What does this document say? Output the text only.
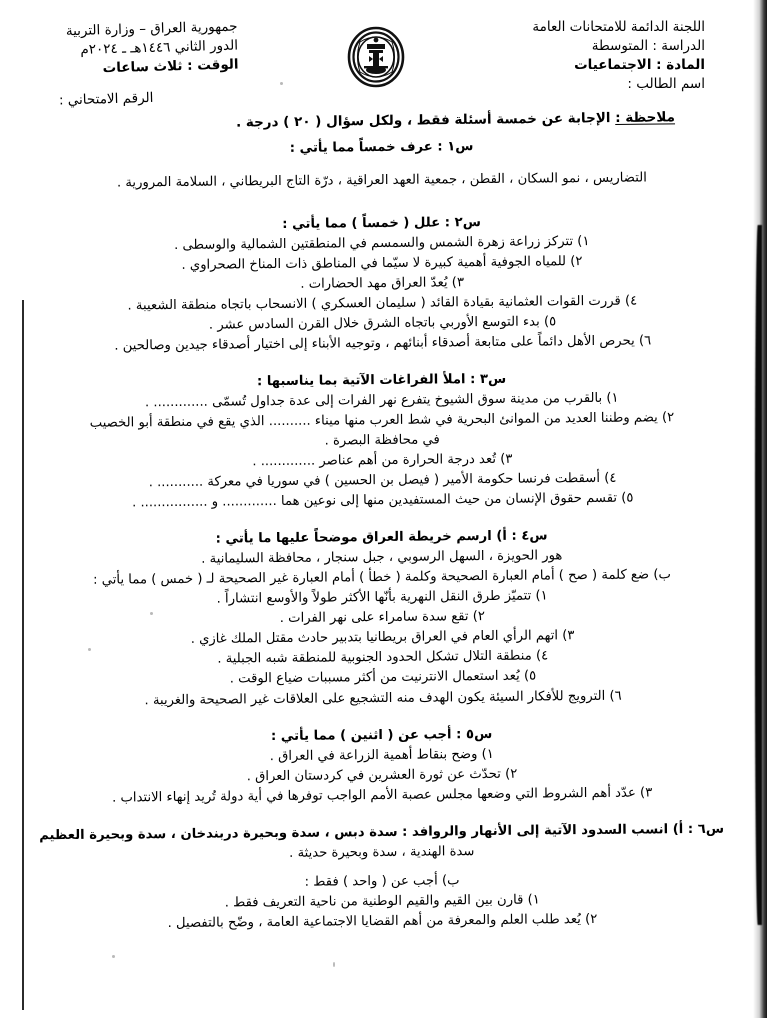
اللجنة الدائمة للامتحانات العامة
الدراسة : المتوسطة
المادة : الاجتماعيات
اسم الطالب :
جمهورية العراق – وزارة التربية
الدور الثاني ١٤٤٦هـ ـ ٢٠٢٤م
الوقت : ثلاث ساعات
الرقم الامتحاني :
ملاحظة : الإجابة عن خمسة أسئلة فقط ، ولكل سؤال ( ٢٠ ) درجة .

س١ : عرف خمساً مما يأتي :

التضاريس ، نمو السكان ، القطن ، جمعية العهد العراقية ، درّة التاج البريطاني ، السلامة المرورية .

س٢ : علل ( خمساً ) مما يأتي :

١) تتركز زراعة زهرة الشمس والسمسم في المنطقتين الشمالية والوسطى .
٢) للمياه الجوفية أهمية كبيرة لا سيّما في المناطق ذات المناخ الصحراوي .
٣) يُعدّ العراق مهد الحضارات .
٤) قررت القوات العثمانية بقيادة القائد ( سليمان العسكري ) الانسحاب باتجاه منطقة الشعيبة .
٥) بدء التوسع الأوربي باتجاه الشرق خلال القرن السادس عشر .
٦) يحرص الأهل دائماً على متابعة أصدقاء أبنائهم ، وتوجيه الأبناء إلى اختيار أصدقاء جيدين وصالحين .

س٣ : املأ الفراغات الآتية بما يناسبها :

١) بالقرب من مدينة سوق الشيوخ يتفرع نهر الفرات إلى عدة جداول تُسمّى ............. .
٢) يضم وطننا العديد من الموانئ البحرية في شط العرب منها ميناء .......... الذي يقع في منطقة أبو الخصيب
في محافظة البصرة .
٣) تُعد درجة الحرارة من أهم عناصر ............. .
٤) أسقطت فرنسا حكومة الأمير ( فيصل بن الحسين ) في سوريا في معركة ........... .
٥) تقسم حقوق الإنسان من حيث المستفيدين منها إلى نوعين هما ............. و ................ .

س٤ : أ) ارسم خريطة العراق موضحاً عليها ما يأتي :

هور الحويزة ، السهل الرسوبي ، جبل سنجار ، محافظة السليمانية .

ب) ضع كلمة ( صح ) أمام العبارة الصحيحة وكلمة ( خطأ ) أمام العبارة غير الصحيحة لـ ( خمس ) مما يأتي :

١) تتميّز طرق النقل النهرية بأنّها الأكثر طولاً والأوسع انتشاراً .
٢) تقع سدة سامراء على نهر الفرات .
٣) اتهم الرأي العام في العراق بريطانيا بتدبير حادث مقتل الملك غازي .
٤) منطقة التلال تشكل الحدود الجنوبية للمنطقة شبه الجبلية .
٥) يُعد استعمال الانترنيت من أكثر مسببات ضياع الوقت .
٦) الترويج للأفكار السيئة يكون الهدف منه التشجيع على العلاقات غير الصحيحة والغريبة .

س٥ : أجب عن ( اثنين ) مما يأتي :

١) وضح بنقاط أهمية الزراعة في العراق .
٢) تحدّث عن ثورة العشرين في كردستان العراق .
٣) عدّد أهم الشروط التي وضعها مجلس عصبة الأمم الواجب توفرها في أية دولة تُريد إنهاء الانتداب .

س٦ : أ) انسب السدود الآتية إلى الأنهار والروافد : سدة دبس ، سدة وبحيرة دربندخان ، سدة وبحيرة العظيم

سدة الهندية ، سدة وبحيرة حديثة .

ب) أجب عن ( واحد ) فقط :

١) قارن بين القيم والقيم الوطنية من ناحية التعريف فقط .
٢) يُعد طلب العلم والمعرفة من أهم القضايا الاجتماعية العامة ، وضّح بالتفصيل .
